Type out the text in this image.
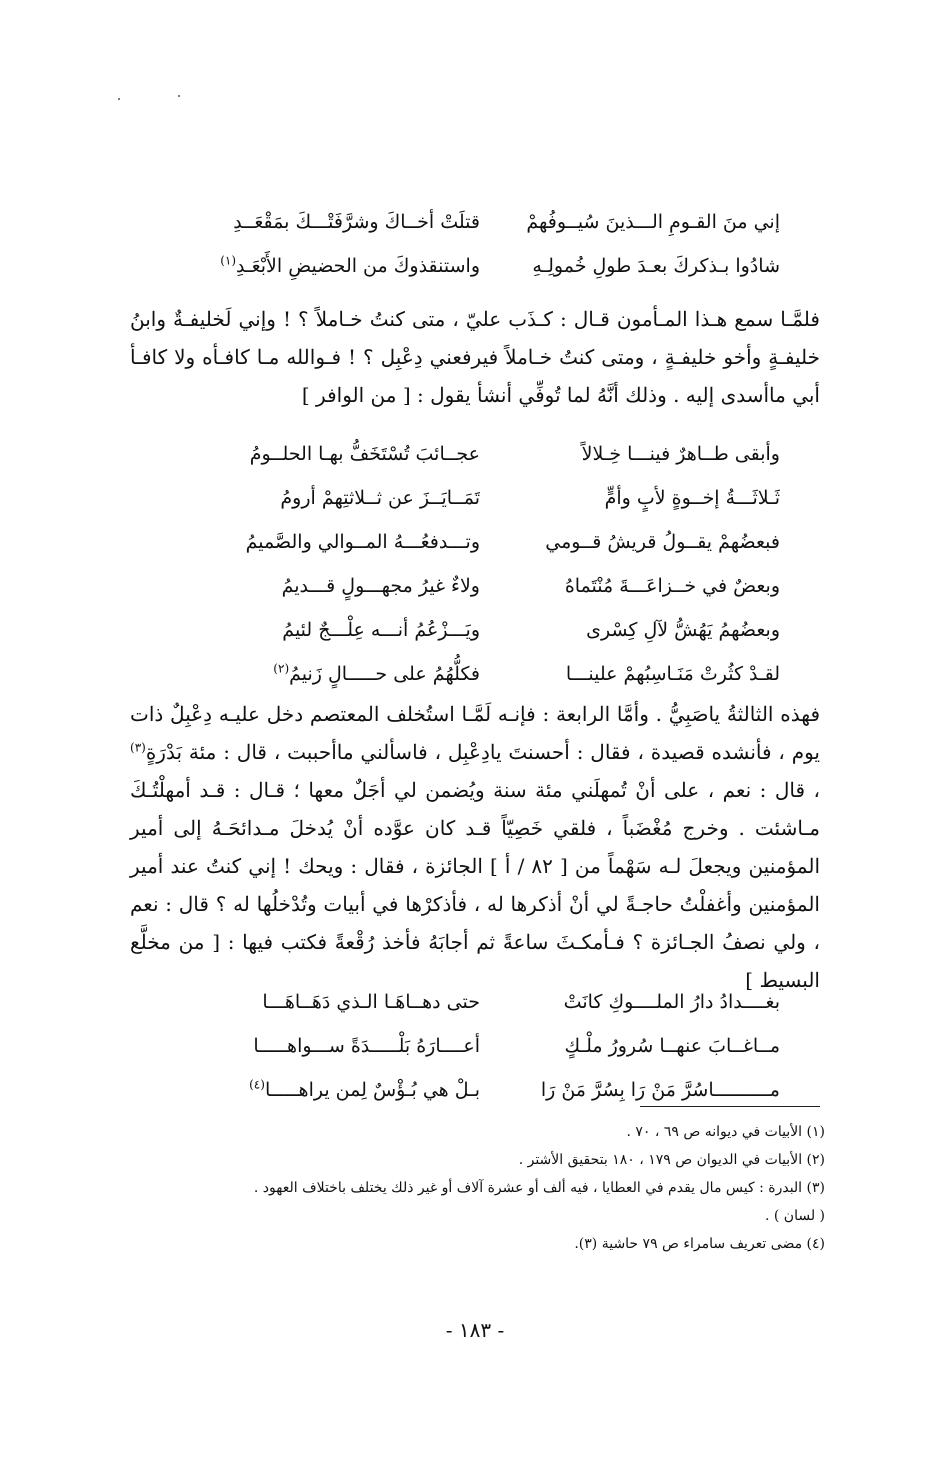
إني منَ القـومِ الـــذينَ سُيــوفُهمْ
قتلَتْ أخــاكَ وشرَّفَتْـــكَ بمَقْعَــدِ
شادُوا بـذكركَ بعـدَ طولِ خُمولِـهِ
واستنقذوكَ من الحضيضِ الأَبْعَـدِ$^{(١)}$
فلمَّـا سمع هـذا المـأمون قـال : كـذَب عليّ ، متى كنتُ خـاملاً ؟ ! وإني لَخليفـةٌ وابنُ خليفـةٍ وأخو خليفـةٍ ، ومتى كنتُ خـاملاً فيرفعني دِعْبِل ؟ ! فـوالله مـا كافـأه ولا كافـأ أبي ماأسدى إليه . وذلك أنَّهُ لما تُوفِّي أنشأ يقول : [ من الوافر ]
وأبقى طــاهرٌ فينـــا خِـلالاً
عجــائبَ تُسْتَخَفُّ بهـا الحلــومُ
ثَـلاثَـــةُ إخــوةٍ لأبٍ وأمٍّ
تَمَــايَــزَ عن ثــلاثتِهمْ أرومُ
فبعضُهمْ يقــولُ قريشُ قــومي
وتـــدفعُـــهُ المــوالي والصَّميمُ
وبعضٌ في خــزاعَـــةَ مُنْتَماهُ
ولاءٌ غيرُ مجهـــولٍ قـــديمُ
وبعضُهمُ يَهُشُّ لآلِ كِسْرى
ويَـــزْعُمُ أنـــه عِلْـــجٌ لئيمُ
لقـدْ كثُرتْ مَنَـاسِبُهمْ علينـــا
فكلُّهُمُ على حـــــالٍ زَنيمُ$^{(٢)}$
فهذه الثالثةُ ياصَبِيُّ . وأمَّا الرابعة : فإنـه لَمَّـا استُخلف المعتصم دخل عليـه دِعْبِلٌ ذات يوم ، فأنشده قصيدة ، فقال : أحسنتَ يادِعْبِل ، فاسألني ماأحببت ، قال : مئة بَدْرَةٍ$^{(٣)}$ ، قال : نعم ، على أنْ تُمهلَني مئة سنة ويُضمن لي أجَلٌ معها ؛ قـال : قـد أمهلْتُـكَ مـاشئت . وخرج مُغْضَباً ، فلقي خَصِيّاً قـد كان عوَّده أنْ يُدخلَ مـدائحَـهُ إلى أمير المؤمنين ويجعلَ لـه سَهْماً من [ ٨٢ / أ ] الجائزة ، فقال : ويحك ! إني كنتُ عند أمير المؤمنين وأغفلْتُ حاجـةً لي أنْ أذكرها له ، فأذكرْها في أبيات وتُدْخلُها له ؟ قال : نعم ، ولي نصفُ الجـائزة ؟ فـأمكـثَ ساعةً ثم أجابَهُ فأخذ رُقْعةً فكتب فيها : [ من مخلَّع البسيط ]
بغــــدادُ دارُ الملــــوكِ كانَتْ
حتى دهــاهَـا الـذي دَهَــاهَـــا
مــاغــابَ عنهــا سُرورُ ملْـكٍ
أعــــارَهُ بَلْـــــدَةً ســـواهـــــا
مــــــــــاسُرَّ مَنْ رَا بِسُرَّ مَنْ رَا
بـلْ هي بُـؤْسٌ لِمن يراهـــــا$^{(٤)}$
(١) الأبيات في ديوانه ص ٦٩ ، ٧٠ .
(٢) الأبيات في الديوان ص ١٧٩ ، ١٨٠ بتحقيق الأشتر .
(٣) البدرة : كيس مال يقدم في العطايا ، فيه ألف أو عشرة آلاف أو غير ذلك يختلف باختلاف العهود .
( لسان ) .
(٤) مضى تعريف سامراء ص ٧٩ حاشية (٣).
- ١٨٣ -
